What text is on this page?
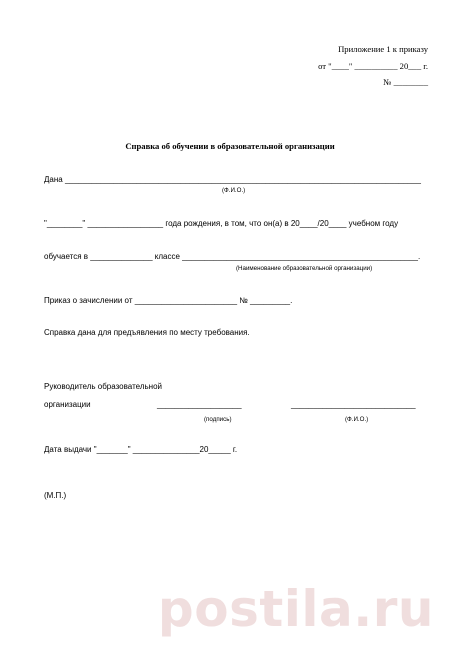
Приложение 1 к приказу
от "____" __________ 20___ г.
№ ________
Справка об обучении в образовательной организации
Дана ________________________________________________________________________________
(Ф.И.О.)
"________" _________________ года рождения, в том, что он(а) в 20____/20____ учебном году
обучается в ______________ классе _____________________________________________________.
(Наименование образовательной организации)
Приказ о зачислении от _______________________ № _________.
Справка дана для предъявления по месту требования.
Руководитель образовательной
организации	___________________	____________________________
(подпись)	(Ф.И.О.)
Дата выдачи "_______" _______________20_____ г.
(М.П.)
postila.ru
